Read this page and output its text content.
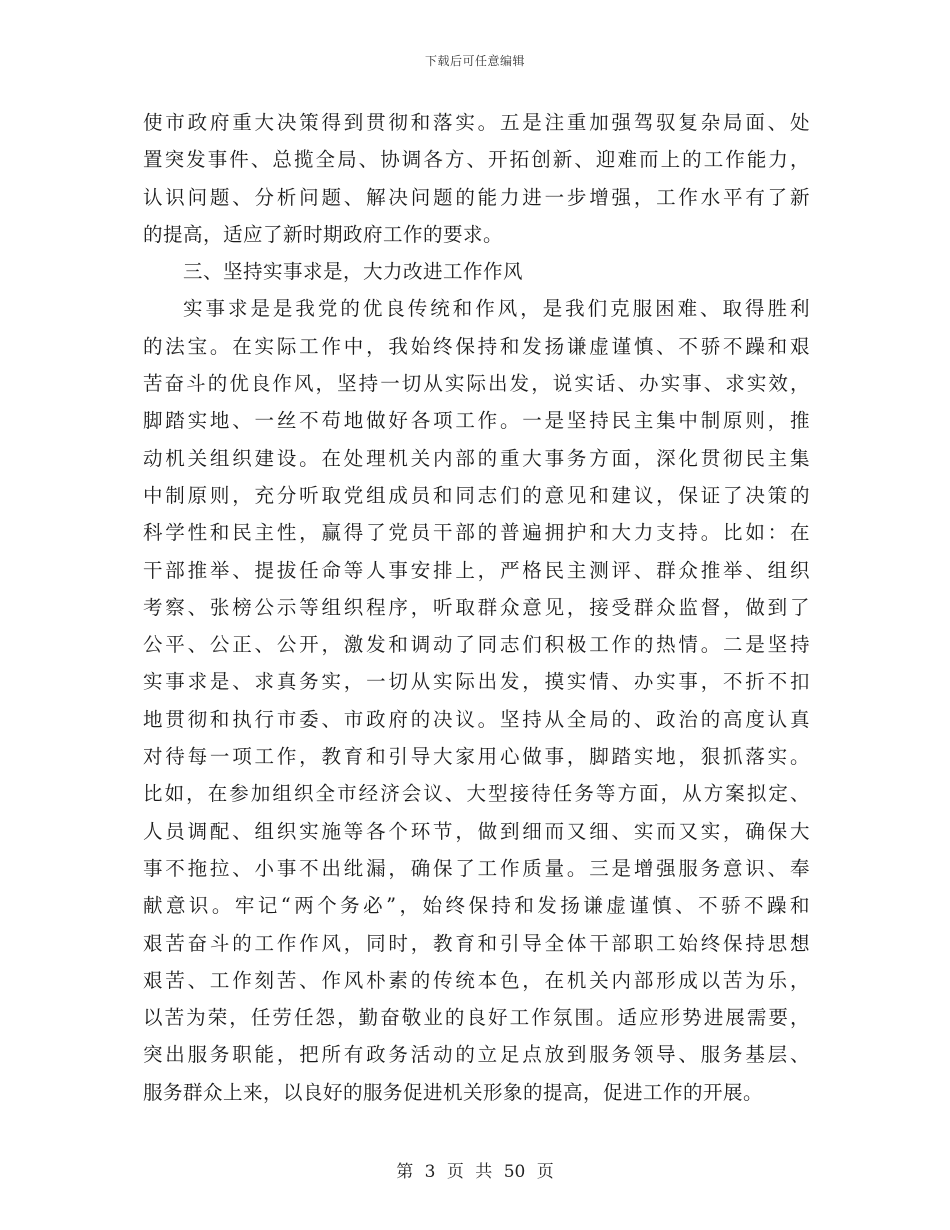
下载后可任意编辑
使市政府重大决策得到贯彻和落实。五是注重加强驾驭复杂局面、处
置突发事件、总揽全局、协调各方、开拓创新、迎难而上的工作能力，
认识问题、分析问题、解决问题的能力进一步增强，工作水平有了新
的提高，适应了新时期政府工作的要求。
三、坚持实事求是，大力改进工作作风
实事求是是我党的优良传统和作风，是我们克服困难、取得胜利
的法宝。在实际工作中，我始终保持和发扬谦虚谨慎、不骄不躁和艰
苦奋斗的优良作风，坚持一切从实际出发，说实话、办实事、求实效，
脚踏实地、一丝不苟地做好各项工作。一是坚持民主集中制原则，推
动机关组织建设。在处理机关内部的重大事务方面，深化贯彻民主集
中制原则，充分听取党组成员和同志们的意见和建议，保证了决策的
科学性和民主性，赢得了党员干部的普遍拥护和大力支持。比如：在
干部推举、提拔任命等人事安排上，严格民主测评、群众推举、组织
考察、张榜公示等组织程序，听取群众意见，接受群众监督，做到了
公平、公正、公开，激发和调动了同志们积极工作的热情。二是坚持
实事求是、求真务实，一切从实际出发，摸实情、办实事，不折不扣
地贯彻和执行市委、市政府的决议。坚持从全局的、政治的高度认真
对待每一项工作，教育和引导大家用心做事，脚踏实地，狠抓落实。
比如，在参加组织全市经济会议、大型接待任务等方面，从方案拟定、
人员调配、组织实施等各个环节，做到细而又细、实而又实，确保大
事不拖拉、小事不出纰漏，确保了工作质量。三是增强服务意识、奉
献意识。牢记“两个务必”，始终保持和发扬谦虚谨慎、不骄不躁和
艰苦奋斗的工作作风，同时，教育和引导全体干部职工始终保持思想
艰苦、工作刻苦、作风朴素的传统本色，在机关内部形成以苦为乐，
以苦为荣，任劳任怨，勤奋敬业的良好工作氛围。适应形势进展需要，
突出服务职能，把所有政务活动的立足点放到服务领导、服务基层、
服务群众上来，以良好的服务促进机关形象的提高，促进工作的开展。
第 3 页 共 50 页
